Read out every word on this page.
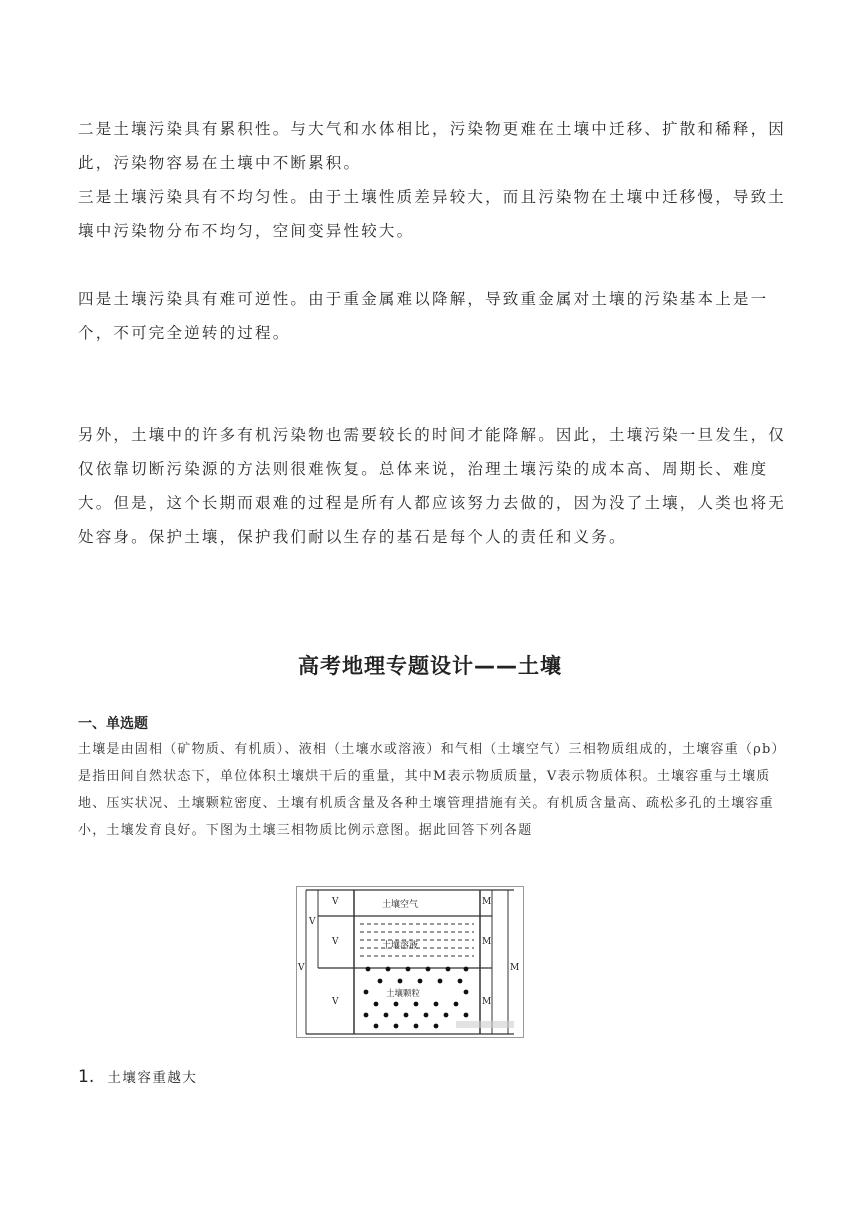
二是土壤污染具有累积性。与大气和水体相比，污染物更难在土壤中迁移、扩散和稀释，因此，污染物容易在土壤中不断累积。

三是土壤污染具有不均匀性。由于土壤性质差异较大，而且污染物在土壤中迁移慢，导致土壤中污染物分布不均匀，空间变异性较大。

四是土壤污染具有难可逆性。由于重金属难以降解，导致重金属对土壤的污染基本上是一个，不可完全逆转的过程。

另外，土壤中的许多有机污染物也需要较长的时间才能降解。因此，土壤污染一旦发生，仅仅依靠切断污染源的方法则很难恢复。总体来说，治理土壤污染的成本高、周期长、难度大。但是，这个长期而艰难的过程是所有人都应该努力去做的，因为没了土壤，人类也将无处容身。保护土壤，保护我们耐以生存的基石是每个人的责任和义务。

高考地理专题设计——土壤
一、单选题

土壤是由固相（矿物质、有机质）、液相（土壤水或溶液）和气相（土壤空气）三相物质组成的，土壤容重（ρb）是指田间自然状态下，单位体积土壤烘干后的重量，其中M表示物质质量，V表示物质体积。土壤容重与土壤质地、压实状况、土壤颗粒密度、土壤有机质含量及各种土壤管理措施有关。有机质含量高、疏松多孔的土壤容重小，土壤发育良好。下图为土壤三相物质比例示意图。据此回答下列各题

土壤空气
土壤溶液
土壤颗粒
V
V
V
V
V
M
M
M
M
1. 土壤容重越大
